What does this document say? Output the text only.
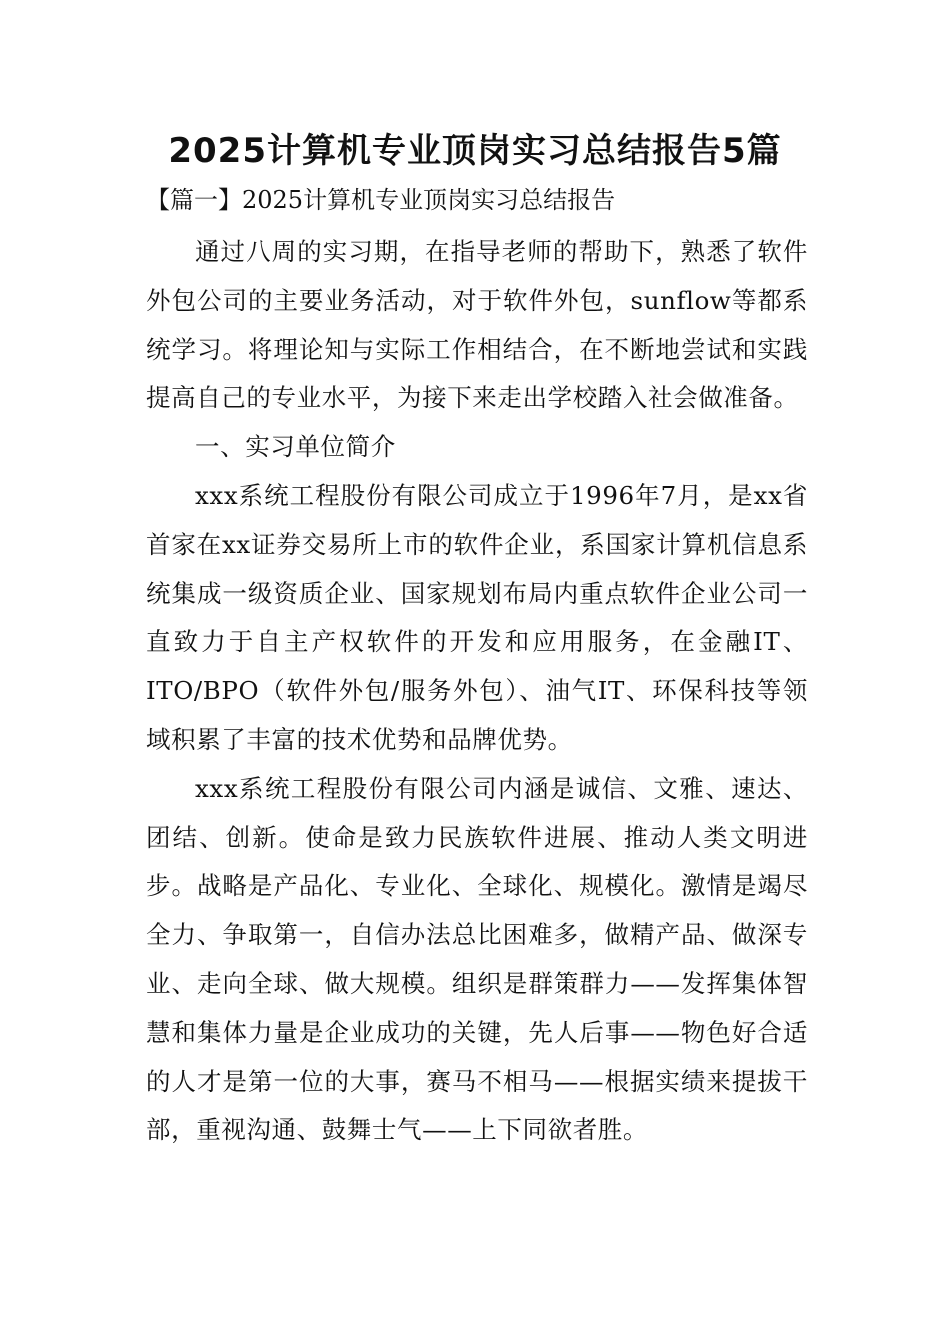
2025计算机专业顶岗实习总结报告5篇

【篇一】2025计算机专业顶岗实习总结报告

通过八周的实习期，在指导老师的帮助下，熟悉了软件外包公司的主要业务活动，对于软件外包，sunflow等都系统学习。将理论知与实际工作相结合，在不断地尝试和实践提高自己的专业水平，为接下来走出学校踏入社会做准备。

一、实习单位简介

xxx系统工程股份有限公司成立于1996年7月，是xx省首家在xx证券交易所上市的软件企业，系国家计算机信息系统集成一级资质企业、国家规划布局内重点软件企业公司一直致力于自主产权软件的开发和应用服务，在金融IT、ITO/BPO（软件外包/服务外包）、油气IT、环保科技等领域积累了丰富的技术优势和品牌优势。

xxx系统工程股份有限公司内涵是诚信、文雅、速达、团结、创新。使命是致力民族软件进展、推动人类文明进步。战略是产品化、专业化、全球化、规模化。激情是竭尽全力、争取第一，自信办法总比困难多，做精产品、做深专业、走向全球、做大规模。组织是群策群力——发挥集体智慧和集体力量是企业成功的关键，先人后事——物色好合适的人才是第一位的大事，赛马不相马——根据实绩来提拔干部，重视沟通、鼓舞士气——上下同欲者胜。
